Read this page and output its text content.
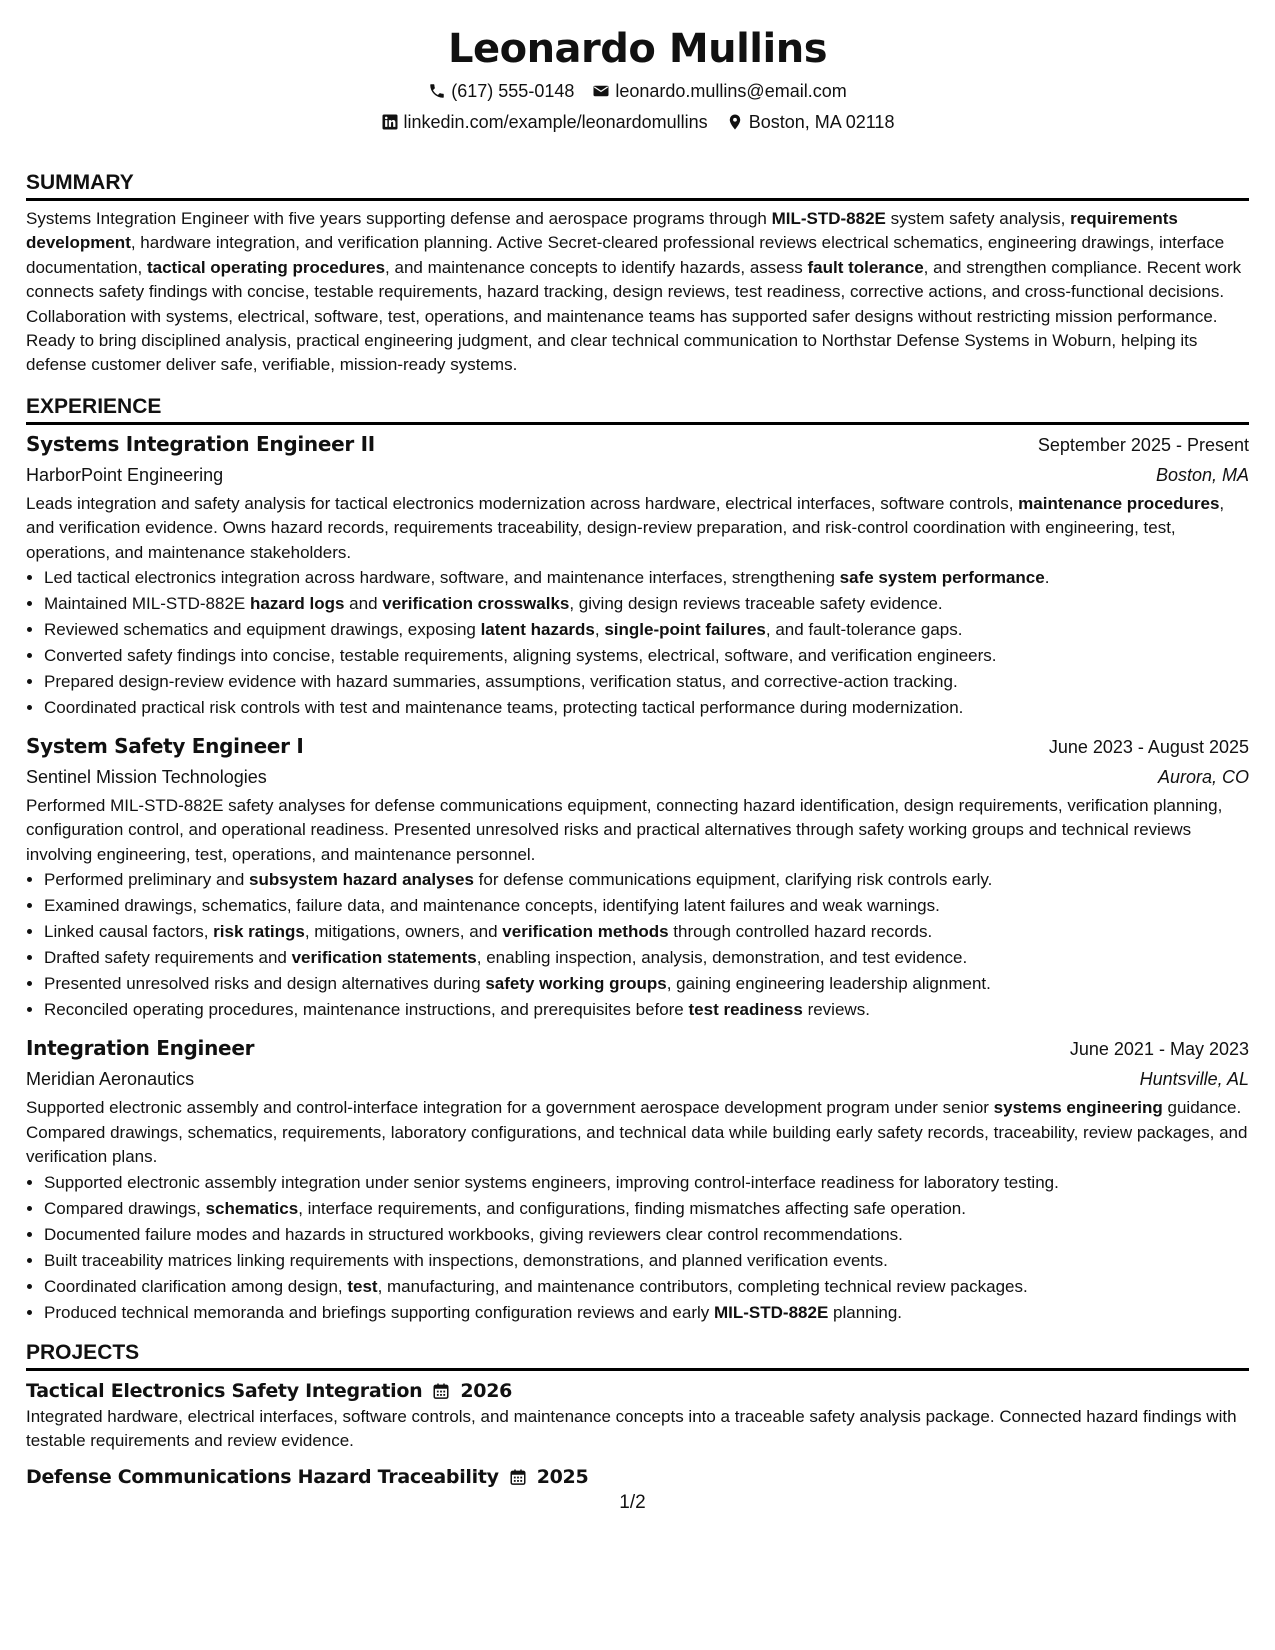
Leonardo Mullins
(617) 555-0148 leonardo.mullins@email.com
linkedin.com/example/leonardomullins Boston, MA 02118
SUMMARY
Systems Integration Engineer with five years supporting defense and aerospace programs through MIL-STD-882E system safety analysis, requirements development, hardware integration, and verification planning. Active Secret-cleared professional reviews electrical schematics, engineering drawings, interface documentation, tactical operating procedures, and maintenance concepts to identify hazards, assess fault tolerance, and strengthen compliance. Recent work connects safety findings with concise, testable requirements, hazard tracking, design reviews, test readiness, corrective actions, and cross-functional decisions. Collaboration with systems, electrical, software, test, operations, and maintenance teams has supported safer designs without restricting mission performance. Ready to bring disciplined analysis, practical engineering judgment, and clear technical communication to Northstar Defense Systems in Woburn, helping its defense customer deliver safe, verifiable, mission-ready systems.
EXPERIENCE
Systems Integration Engineer II	September 2025 - Present
HarborPoint Engineering	Boston, MA
Leads integration and safety analysis for tactical electronics modernization across hardware, electrical interfaces, software controls, maintenance procedures, and verification evidence. Owns hazard records, requirements traceability, design-review preparation, and risk-control coordination with engineering, test, operations, and maintenance stakeholders.
• Led tactical electronics integration across hardware, software, and maintenance interfaces, strengthening safe system performance.
• Maintained MIL-STD-882E hazard logs and verification crosswalks, giving design reviews traceable safety evidence.
• Reviewed schematics and equipment drawings, exposing latent hazards, single-point failures, and fault-tolerance gaps.
• Converted safety findings into concise, testable requirements, aligning systems, electrical, software, and verification engineers.
• Prepared design-review evidence with hazard summaries, assumptions, verification status, and corrective-action tracking.
• Coordinated practical risk controls with test and maintenance teams, protecting tactical performance during modernization.
System Safety Engineer I	June 2023 - August 2025
Sentinel Mission Technologies	Aurora, CO
Performed MIL-STD-882E safety analyses for defense communications equipment, connecting hazard identification, design requirements, verification planning, configuration control, and operational readiness. Presented unresolved risks and practical alternatives through safety working groups and technical reviews involving engineering, test, operations, and maintenance personnel.
• Performed preliminary and subsystem hazard analyses for defense communications equipment, clarifying risk controls early.
• Examined drawings, schematics, failure data, and maintenance concepts, identifying latent failures and weak warnings.
• Linked causal factors, risk ratings, mitigations, owners, and verification methods through controlled hazard records.
• Drafted safety requirements and verification statements, enabling inspection, analysis, demonstration, and test evidence.
• Presented unresolved risks and design alternatives during safety working groups, gaining engineering leadership alignment.
• Reconciled operating procedures, maintenance instructions, and prerequisites before test readiness reviews.
Integration Engineer	June 2021 - May 2023
Meridian Aeronautics	Huntsville, AL
Supported electronic assembly and control-interface integration for a government aerospace development program under senior systems engineering guidance. Compared drawings, schematics, requirements, laboratory configurations, and technical data while building early safety records, traceability, review packages, and verification plans.
• Supported electronic assembly integration under senior systems engineers, improving control-interface readiness for laboratory testing.
• Compared drawings, schematics, interface requirements, and configurations, finding mismatches affecting safe operation.
• Documented failure modes and hazards in structured workbooks, giving reviewers clear control recommendations.
• Built traceability matrices linking requirements with inspections, demonstrations, and planned verification events.
• Coordinated clarification among design, test, manufacturing, and maintenance contributors, completing technical review packages.
• Produced technical memoranda and briefings supporting configuration reviews and early MIL-STD-882E planning.
PROJECTS
Tactical Electronics Safety Integration 2026
Integrated hardware, electrical interfaces, software controls, and maintenance concepts into a traceable safety analysis package. Connected hazard findings with testable requirements and review evidence.
Defense Communications Hazard Traceability 2025
1/2
